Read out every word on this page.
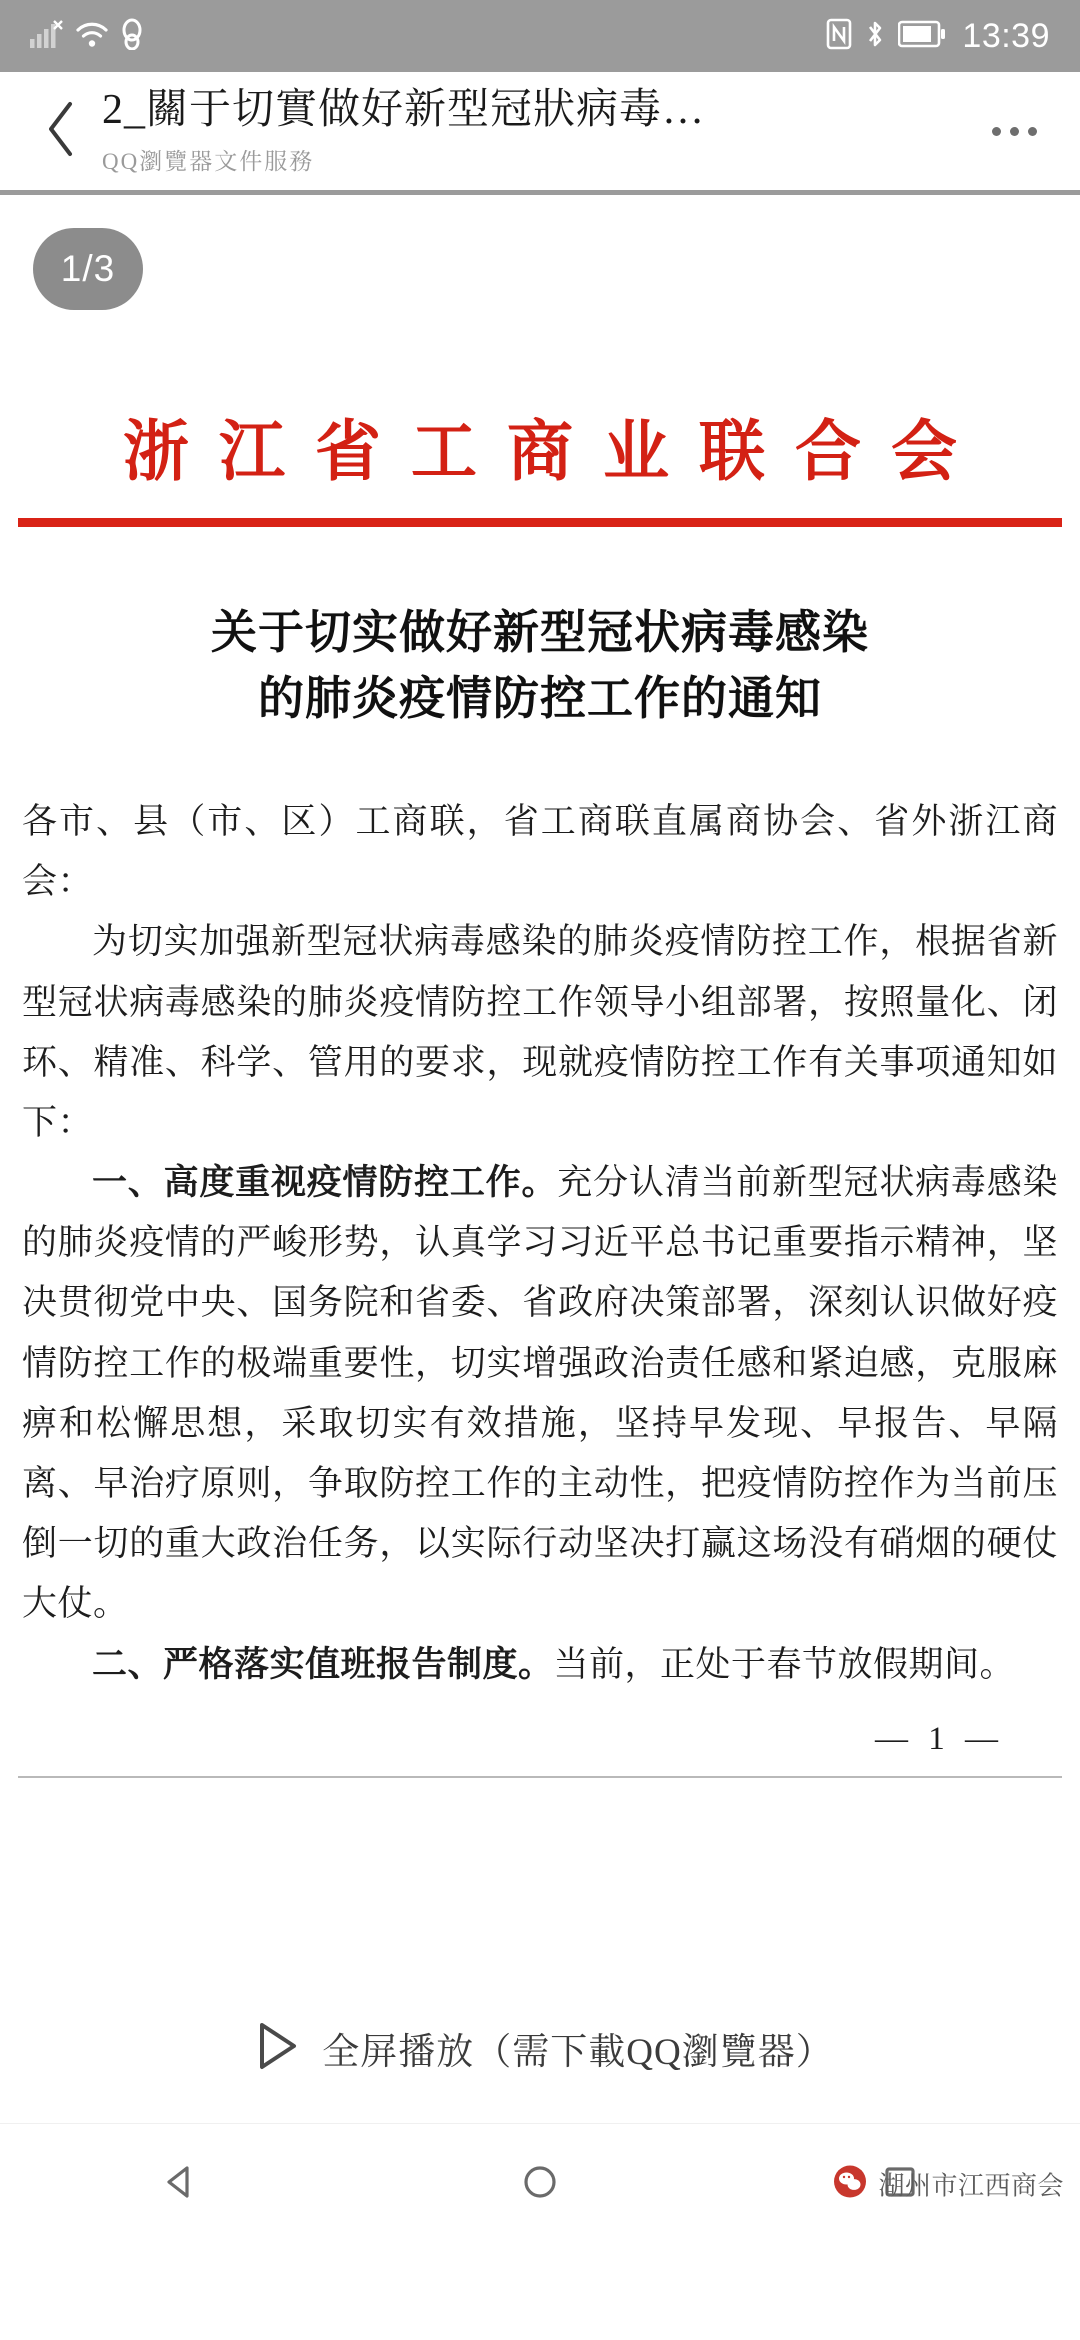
13:39
2_關于切實做好新型冠狀病毒…
QQ瀏覽器文件服務
1/3
浙江省工商业联合会
关于切实做好新型冠状病毒感染
的肺炎疫情防控工作的通知

各市、县（市、区）工商联，省工商联直属商协会、省外浙江商会：

为切实加强新型冠状病毒感染的肺炎疫情防控工作，根据省新型冠状病毒感染的肺炎疫情防控工作领导小组部署，按照量化、闭环、精准、科学、管用的要求，现就疫情防控工作有关事项通知如下：

一、高度重视疫情防控工作。充分认清当前新型冠状病毒感染的肺炎疫情的严峻形势，认真学习习近平总书记重要指示精神，坚决贯彻党中央、国务院和省委、省政府决策部署，深刻认识做好疫情防控工作的极端重要性，切实增强政治责任感和紧迫感，克服麻痹和松懈思想，采取切实有效措施，坚持早发现、早报告、早隔离、早治疗原则，争取防控工作的主动性，把疫情防控作为当前压倒一切的重大政治任务，以实际行动坚决打赢这场没有硝烟的硬仗大仗。

二、严格落实值班报告制度。当前，正处于春节放假期间。

— 1 —
全屏播放（需下載QQ瀏覽器）
湖州市江西商会
